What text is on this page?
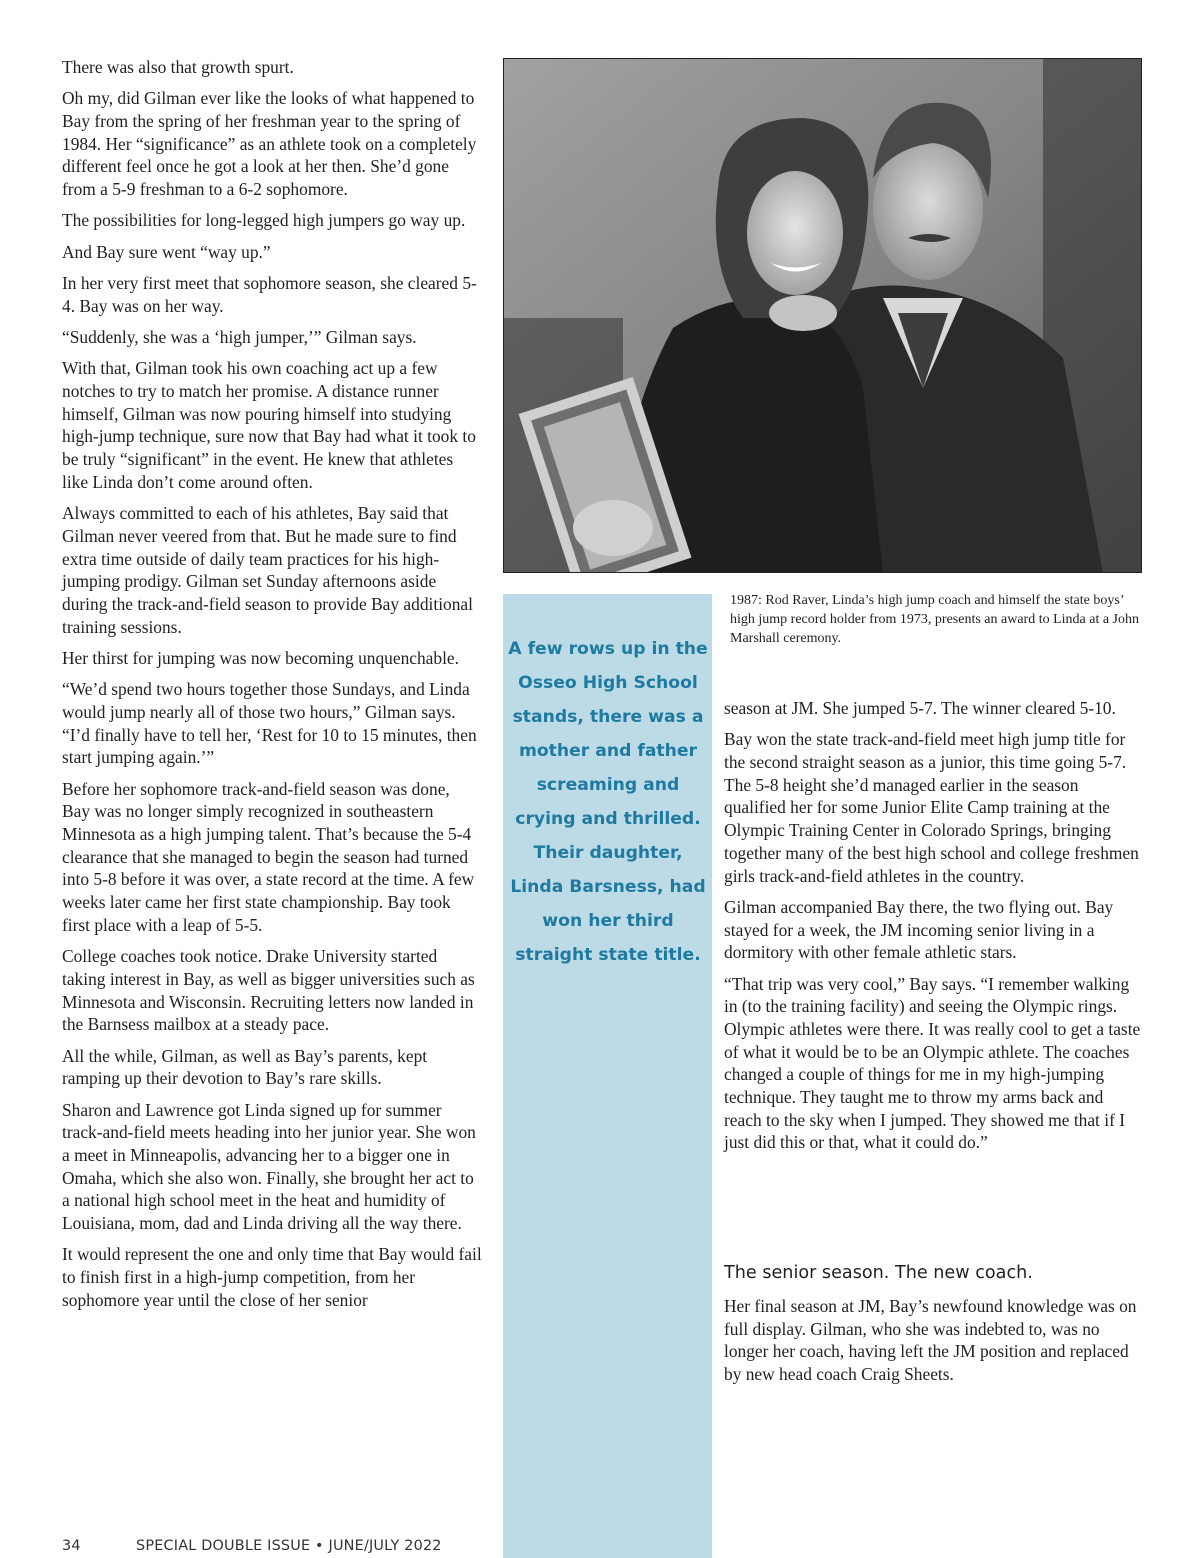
There was also that growth spurt.

Oh my, did Gilman ever like the looks of what happened to Bay from the spring of her freshman year to the spring of 1984. Her “significance” as an athlete took on a completely different feel once he got a look at her then. She’d gone from a 5-9 freshman to a 6-2 sophomore.

The possibilities for long-legged high jumpers go way up.

And Bay sure went “way up.”

In her very first meet that sophomore season, she cleared 5-4. Bay was on her way.

“Suddenly, she was a ‘high jumper,’” Gilman says.

With that, Gilman took his own coaching act up a few notches to try to match her promise. A distance runner himself, Gilman was now pouring himself into studying high-jump technique, sure now that Bay had what it took to be truly “significant” in the event. He knew that athletes like Linda don’t come around often.

Always committed to each of his athletes, Bay said that Gilman never veered from that. But he made sure to find extra time outside of daily team practices for his high-jumping prodigy. Gilman set Sunday afternoons aside during the track-and-field season to provide Bay additional training sessions.

Her thirst for jumping was now becoming unquenchable.

“We’d spend two hours together those Sundays, and Linda would jump nearly all of those two hours,” Gilman says. “I’d finally have to tell her, ‘Rest for 10 to 15 minutes, then start jumping again.’”

Before her sophomore track-and-field season was done, Bay was no longer simply recognized in southeastern Minnesota as a high jumping talent. That’s because the 5-4 clearance that she managed to begin the season had turned into 5-8 before it was over, a state record at the time. A few weeks later came her first state championship. Bay took first place with a leap of 5-5.

College coaches took notice. Drake University started taking interest in Bay, as well as bigger universities such as Minnesota and Wisconsin. Recruiting letters now landed in the Barnsess mailbox at a steady pace.

All the while, Gilman, as well as Bay’s parents, kept ramping up their devotion to Bay’s rare skills.

Sharon and Lawrence got Linda signed up for summer track-and-field meets heading into her junior year. She won a meet in Minneapolis, advancing her to a bigger one in Omaha, which she also won. Finally, she brought her act to a national high school meet in the heat and humidity of Louisiana, mom, dad and Linda driving all the way there.

It would represent the one and only time that Bay would fail to finish first in a high-jump competition, from her sophomore year until the close of her senior

1987: Rod Raver, Linda’s high jump coach and himself the state boys’ high jump record holder from 1973, presents an award to Linda at a John Marshall ceremony.
A few rows up in the Osseo High School stands, there was a mother and father screaming and crying and thrilled. Their daughter, Linda Barsness, had won her third straight state title.

season at JM. She jumped 5-7. The winner cleared 5-10.

Bay won the state track-and-field meet high jump title for the second straight season as a junior, this time going 5-7. The 5-8 height she’d managed earlier in the season qualified her for some Junior Elite Camp training at the Olympic Training Center in Colorado Springs, bringing together many of the best high school and college freshmen girls track-and-field athletes in the country.

Gilman accompanied Bay there, the two flying out. Bay stayed for a week, the JM incoming senior living in a dormitory with other female athletic stars.

“That trip was very cool,” Bay says. “I remember walking in (to the training facility) and seeing the Olympic rings. Olympic athletes were there. It was really cool to get a taste of what it would be to be an Olympic athlete. The coaches changed a couple of things for me in my high-jumping technique. They taught me to throw my arms back and reach to the sky when I jumped. They showed me that if I just did this or that, what it could do.”

The senior season. The new coach.

Her final season at JM, Bay’s newfound knowledge was on full display. Gilman, who she was indebted to, was no longer her coach, having left the JM position and replaced by new head coach Craig Sheets.

34	SPECIAL DOUBLE ISSUE • JUNE/JULY 2022
